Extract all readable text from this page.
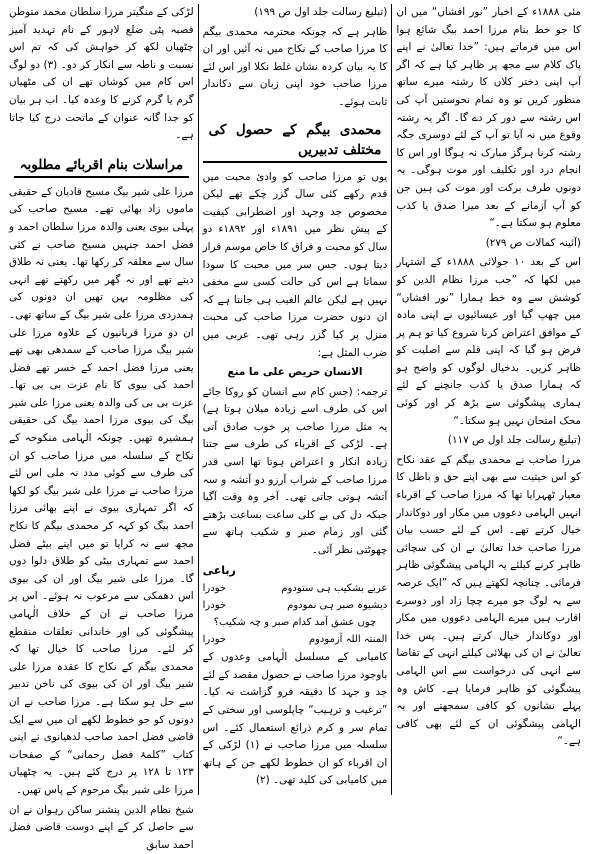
مئی ۱۸۸۸ء کے اخبار ”نور افشاں“ میں ان کا جو خط بنام مرزا احمد بیگ شائع ہوا اس میں فرماتے ہیں: ”خدا تعالیٰ نے اپنے پاک کلام سے مجھ پر ظاہر کیا ہے کہ اگر آپ اپنی دختر کلاں کا رشتہ میرے ساتھ منظور کریں تو وہ تمام نحوستیں آپ کی اس رشتہ سے دور کر دے گا۔ اگر یہ رشتہ وقوع میں نہ آیا تو آپ کے لئے دوسری جگہ رشتہ کرنا ہرگز مبارک نہ ہوگا اور اس کا انجام درد اور تکلیف اور موت ہوگی۔ یہ دونوں طرف برکت اور موت کی ہیں جن کو آپ آزمانے کے بعد میرا صدق یا کذب معلوم ہو سکتا ہے۔“

(آئینہ کمالات ص ۲۷۹)

اس کے بعد ۱۰ جولائی ۱۸۸۸ء کے اشتہار میں لکھا کہ ”جب مرزا نظام الدین کو کوشش سے وہ خط ہمارا ”نور افشاں“ میں چھپ گیا اور عیسائیوں نے اپنی مادہ کے موافق اعتراض کرنا شروع کیا تو ہم پر فرض ہو گیا کہ اپنی قلم سے اصلیت کو ظاہر کریں۔ بدخیال لوگوں کو واضح ہو کہ ہمارا صدق یا کذب جانچنے کے لئے ہماری پیشگوئی سے بڑھ کر اور کوئی محک امتحان نہیں ہو سکتا۔“

(تبلیغ رسالت جلد اول ص ۱۱۷)

مرزا صاحب نے محمدی بیگم کے عقد نکاح کو اس حیثیت سے بھی اپنے حق و باطل کا معیار ٹھہرایا تھا کہ مرزا صاحب کے اقرباء انہیں الہامی دعووں میں مکار اور دوکاندار خیال کرتے تھے۔ اس کے لئے حسب بیان مرزا صاحب خدا تعالیٰ نے ان کی سچائی ظاہر کرنے کیلئے یہ الہامی پیشگوئی ظاہر فرمائی۔ چنانچہ لکھتے ہیں کہ ”ایک عرصہ سے یہ لوگ جو میرے چچا زاد اور دوسرے اقارب ہیں میرے الہامی دعووں میں مکار اور دوکاندار خیال کرتے ہیں۔ پس خدا تعالیٰ نے ان کی بھلائی کیلئے انہی کے تقاضا سے انہی کی درخواست سے اس الہامی پیشگوئی کو ظاہر فرمایا ہے۔ کاش وہ پہلے نشانوں کو کافی سمجھتے اور یہ الہامی پیشگوئی ان کے لئے بھی کافی ہے۔“

(تبلیغ رسالت جلد اول ص ۱۹۹)

ظاہر ہے کہ چونکہ محترمہ محمدی بیگم کا مرزا صاحب کے نکاح میں نہ آئیں اور ان کا یہ بیان کردہ نشان غلط نکلا اور اس لئے مرزا صاحب خود اپنی زبان سے دکاندار ثابت ہوئے۔

محمدی بیگم کے حصول کی مختلف تدبیریں

یوں تو مرزا صاحب کو وادیٔ محبت میں قدم رکھے کئی سال گزر چکے تھے لیکن مخصوص جد وجہد اور اضطرابی کیفیت کے پیش نظر میں ۱۸۹۱ء اور ۱۸۹۲ء دو سال کو محبت و فراق کا خاص موسم قرار دیتا ہوں۔ جس سر میں محبت کا سودا سماتا ہے اس کی حالت کسی سے مخفی نہیں ہے لیکن عالم الغیب ہی جانتا ہے کہ ان دنوں حضرت مرزا صاحب کی محبت منزل پر کیا گزر رہی تھی۔ عربی میں ضرب المثل ہے:

الانسان حریص علی ما منع

ترجمہ: (جس کام سے انسان کو روکا جائے اس کی طرف اسے زیادہ میلان ہوتا ہے) یہ مثل مرزا صاحب پر خوب صادق آتی ہے۔ لڑکی کے اقرباء کی طرف سے جتنا زیادہ انکار و اعتراض ہوتا تھا اسی قدر مرزا صاحب کے شراب آرزو دو آتشہ و سہ آتشہ ہوتی جاتی تھی۔ آخر وہ وقت آگیا جبکہ دل کی بے کلی ساعت بساعت بڑھتے گئی اور زمام صبر و شکیب ہاتھ سے چھوٹتی نظر آئی۔

رباعی

عربے بشکیب ہی ستودوم
خودرا
دیشیوہ صبر ہی نمودوم
خودرا
چوں عشق آمد کدام صبر و چہ شکیب؟
المنتہ اللہ آزمودوم
خودرا

کامیابی کے مسلسل الٰہامی وعدوں کے باوجود مرزا صاحب نے حصول مقصد کے لئے جد و جہد کا دقیقہ فرو گزاشت نہ کیا۔ ”ترغیب و ترہیب“ چاپلوسی اور سختی کے تمام سر و کرم ذرائع استعمال کئے۔ اس سلسلہ میں مرزا صاحب نے (۱) لڑکی کے ان اقرباء کو ان خطوط لکھے جن کے ہاتھ میں کامیابی کی کلید تھی۔ (۲)

لڑکی کے منگیتر مرزا سلطان محمد متوطن قصبہ پٹی ضلع لاہور کے نام تہدید آمیز چٹھیاں لکھ کر خواہش کی کہ تم اس نسبت و ناطہ سے انکار کر دو۔ (۳) دو لوگ اس کام میں کوشاں تھے ان کی مٹھیاں گرم یا گرم کرنے کا وعدہ کیا۔ اب ہر بیان کو جدا گانہ عنوان کے ماتحت درج کیا جاتا ہے۔

مراسلات بنام اقربائے مطلوبہ

مرزا علی شیر بیگ مسیح قادیان کے حقیقی ماموں زاد بھائی تھے۔ مسیح صاحب کی پہلی بیوی یعنی والدہ مرزا سلطان احمد و فضل احمد جنہیں مسیح صاحب نے کئی سال سے معلقہ کر رکھا تھا۔ یعنی نہ طلاق دیتے تھے اور نہ گھر میں رکھتے تھے انہی کی مظلومہ بہن تھیں ان دونوں کی ہمدردی مرزا علی شیر بیگ کے ساتھ تھی۔ ان دو مرزا قربانیوں کے علاوہ مرزا علی شیر بیگ مرزا صاحب کے سمدھی بھی تھے یعنی مرزا فضل احمد کے خسر تھے فضل احمد کی بیوی کا نام عزت بی بی تھا۔ عزت بی بی کی والدہ یعنی مرزا علی شیر بیگ کی بیوی مرزا احمد بیگ کی حقیقی ہمشیرہ تھیں۔ چونکہ الٰہامی منکوحہ کے نکاح کے سلسلہ میں مرزا صاحب کو ان کی طرف سے کوئی مدد نہ ملی اس لئے مرزا صاحب نے مرزا علی شیر بیگ کو لکھا کہ اگر تمہاری بیوی نے اپنے بھائی مرزا احمد بیگ کو کہہ کر محمدی بیگم کا نکاح مجھ سے نہ کرایا تو میں اپنے بیٹے فضل احمد سے تمہاری بیٹی کو طلاق دلوا دوں گا۔ مرزا علی شیر بیگ اور ان کی بیوی اس دھمکی سے مرعوب نہ ہوئے۔ اس پر مرزا صاحب نے ان کے خلاف الٰہامی پیشگوئی کی اور خاندانی تعلقات منقطع کر لئے۔ مرزا صاحب کا خیال تھا کہ محمدی بیگم کے نکاح کا عقدہ مرزا علی شیر بیگ اور ان کی بیوی کی ناخن تدبیر سے حل ہو سکتا ہے۔ مرزا صاحب نے ان دونوں کو جو خطوط لکھے ان میں سے ایک قاضی فضل احمد صاحب لدھیانوی نے اپنی کتاب ”کلمۂ فضل رحمانی“ کے صفحات ۱۲۳ تا ۱۲۸ پر درج کئے ہیں۔ یہ چٹھیاں مرزا علی شیر بیگ مرحوم کے پاس تھیں۔

شیخ نظام الدین پنشنر ساکن رہوان نے ان سے حاصل کر کے اپنے دوست قاضی فضل احمد سابق
